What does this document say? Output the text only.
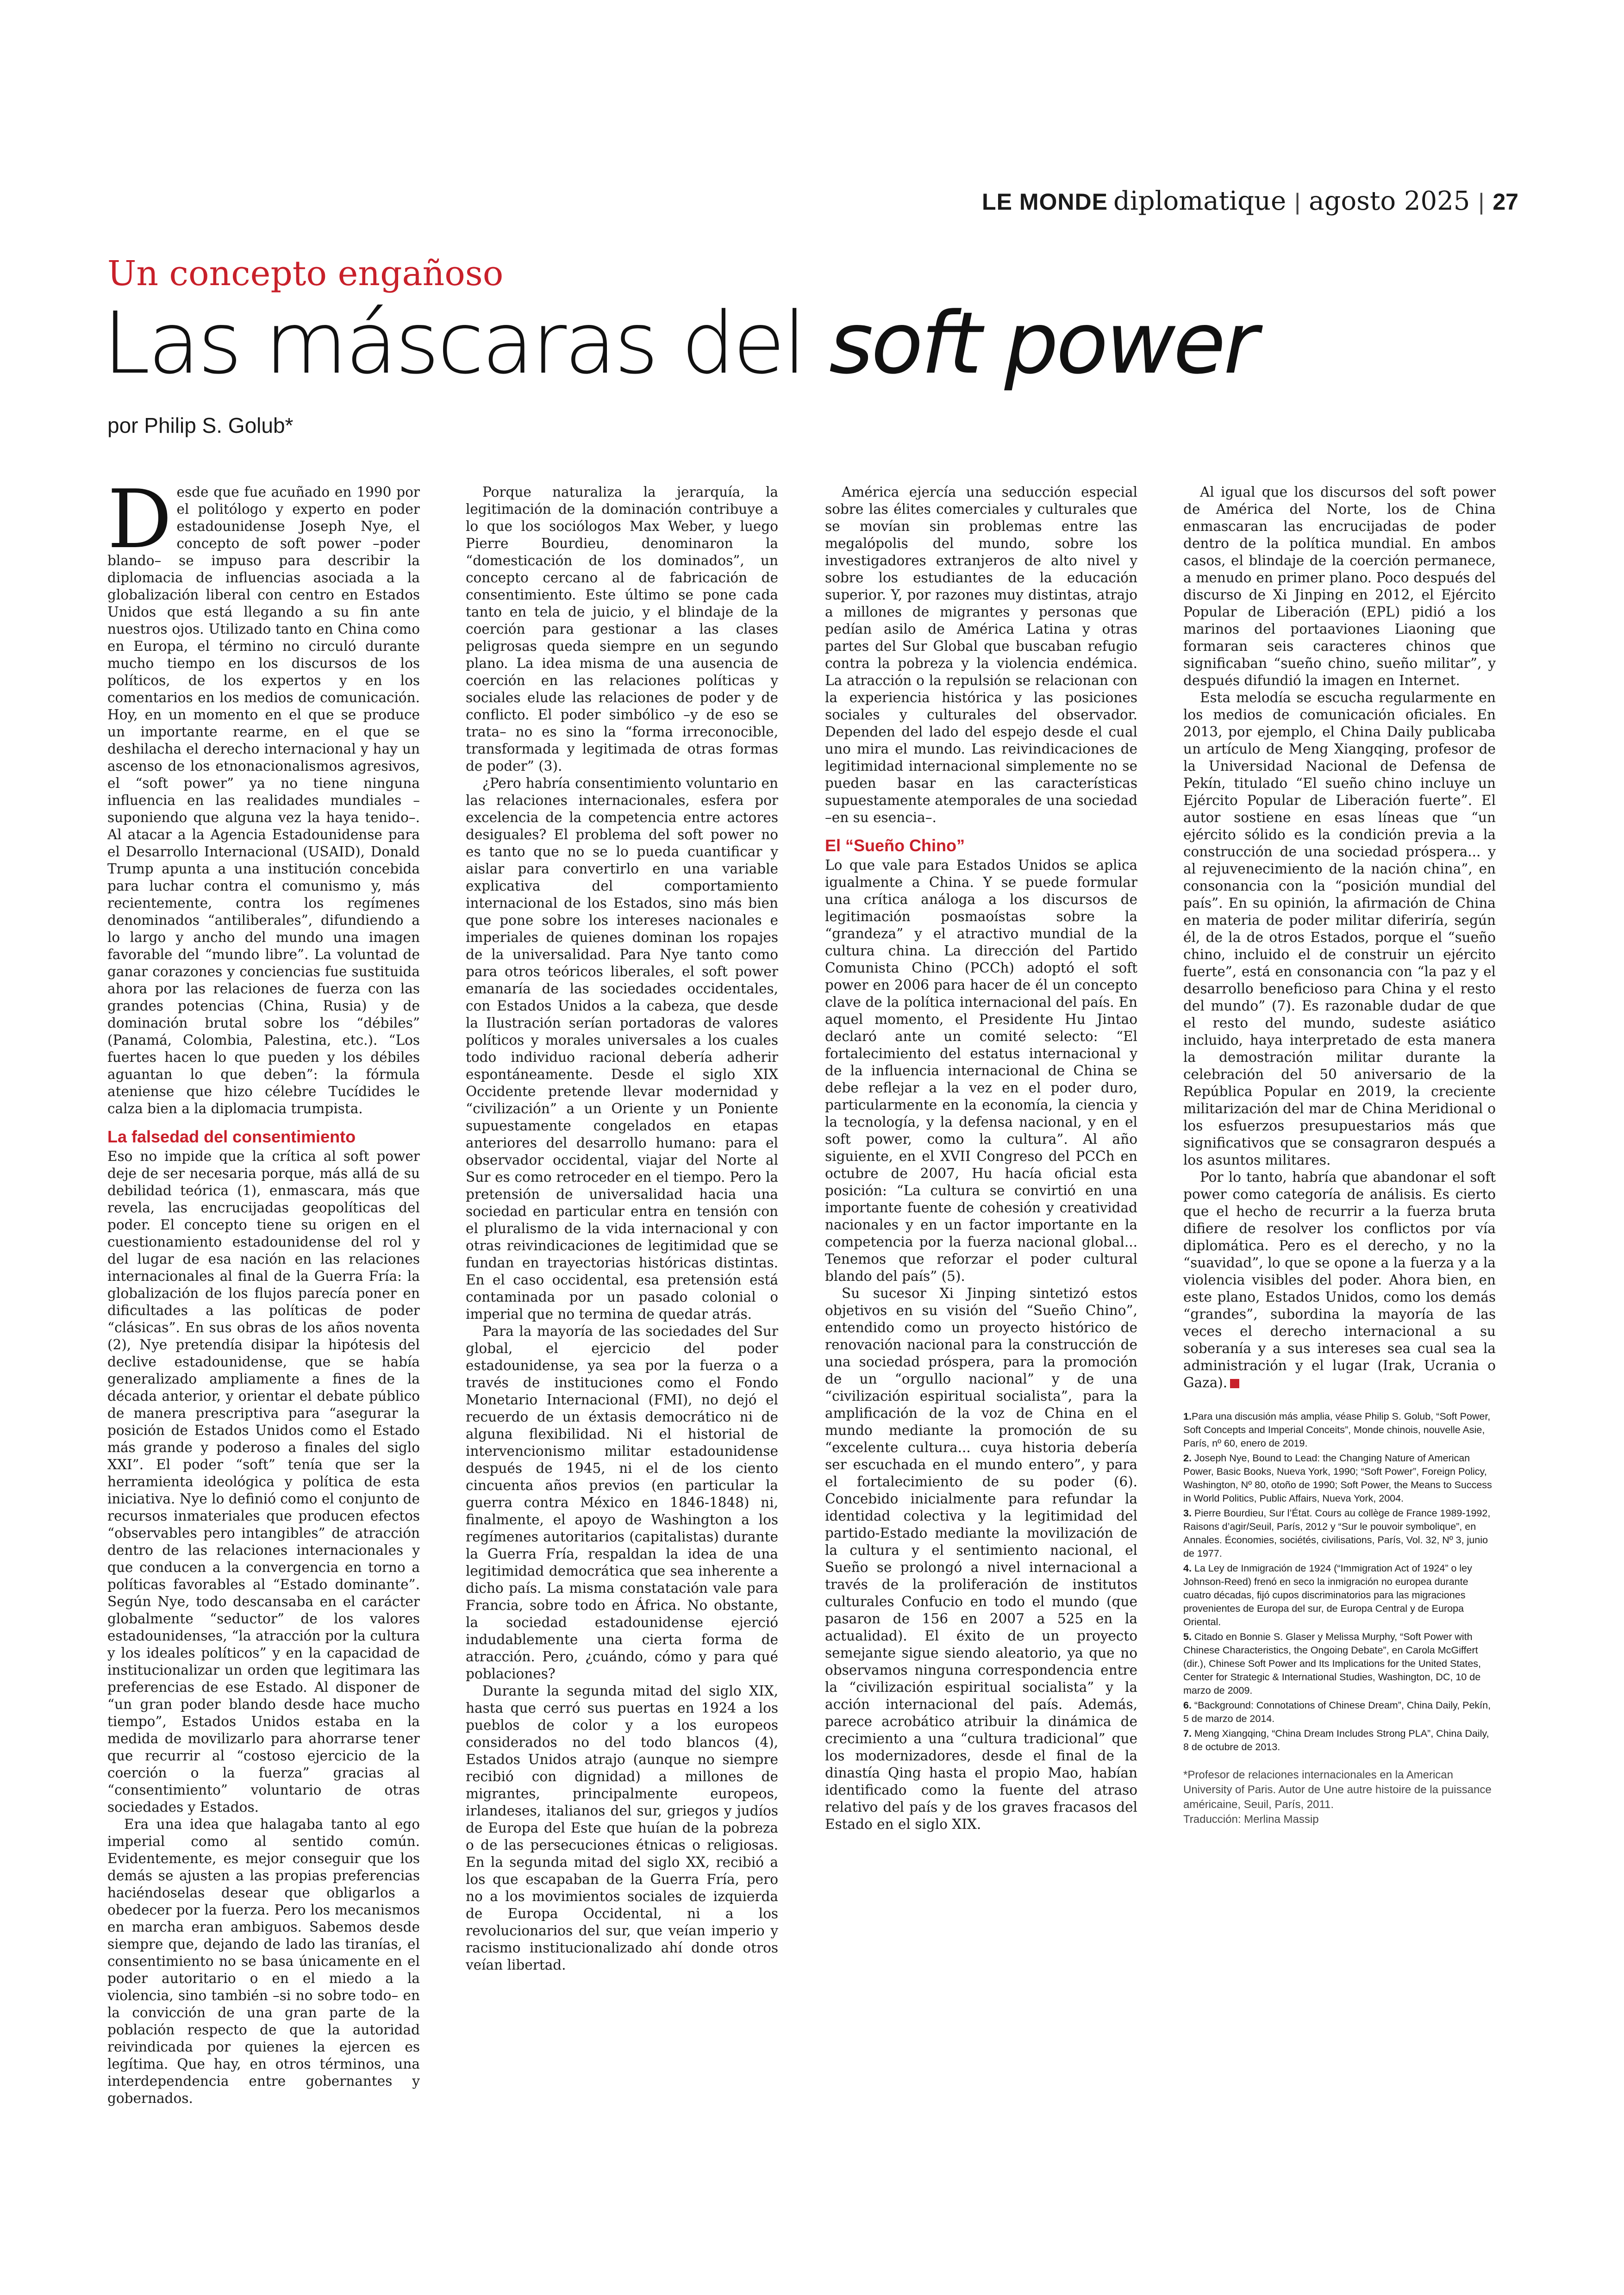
LE MONDE diplomatique | agosto 2025 | 27
Un concepto engañoso
Las máscaras del soft power
por Philip S. Golub*

Desde que fue acuñado en 1990 por el politólogo y experto en poder estadounidense Joseph Nye, el concepto de soft power –poder blando– se impuso para describir la diplomacia de influencias asociada a la globalización liberal con centro en Estados Unidos que está llegando a su fin ante nuestros ojos. Utilizado tanto en China como en Europa, el término no circuló durante mucho tiempo en los discursos de los políticos, de los expertos y en los comentarios en los medios de comunicación. Hoy, en un momento en el que se produce un importante rearme, en el que se deshilacha el derecho internacional y hay un ascenso de los etnonacionalismos agresivos, el “soft power” ya no tiene ninguna influencia en las realidades mundiales –suponiendo que alguna vez la haya tenido–. Al atacar a la Agencia Estadounidense para el Desarrollo Internacional (USAID), Donald Trump apunta a una institución concebida para luchar contra el comunismo y, más recientemente, contra los regímenes denominados “antiliberales”, difundiendo a lo largo y ancho del mundo una imagen favorable del “mundo libre”. La voluntad de ganar corazones y conciencias fue sustituida ahora por las relaciones de fuerza con las grandes potencias (China, Rusia) y de dominación brutal sobre los “débiles” (Panamá, Colombia, Palestina, etc.). “Los fuertes hacen lo que pueden y los débiles aguantan lo que deben”: la fórmula ateniense que hizo célebre Tucídides le calza bien a la diplomacia trumpista.

La falsedad del consentimiento

Eso no impide que la crítica al soft power deje de ser necesaria porque, más allá de su debilidad teórica (1), enmascara, más que revela, las encrucijadas geopolíticas del poder. El concepto tiene su origen en el cuestionamiento estadounidense del rol y del lugar de esa nación en las relaciones internacionales al final de la Guerra Fría: la globalización de los flujos parecía poner en dificultades a las políticas de poder “clásicas”. En sus obras de los años noventa (2), Nye pretendía disipar la hipótesis del declive estadounidense, que se había generalizado ampliamente a fines de la década anterior, y orientar el debate público de manera prescriptiva para “asegurar la posición de Estados Unidos como el Estado más grande y poderoso a finales del siglo XXI”. El poder “soft” tenía que ser la herramienta ideológica y política de esta iniciativa. Nye lo definió como el conjunto de recursos inmateriales que producen efectos “observables pero intangibles” de atracción dentro de las relaciones internacionales y que conducen a la convergencia en torno a políticas favorables al “Estado dominante”. Según Nye, todo descansaba en el carácter globalmente “seductor” de los valores estadounidenses, “la atracción por la cultura y los ideales políticos” y en la capacidad de institucionalizar un orden que legitimara las preferencias de ese Estado. Al disponer de “un gran poder blando desde hace mucho tiempo”, Estados Unidos estaba en la medida de movilizarlo para ahorrarse tener que recurrir al “costoso ejercicio de la coerción o la fuerza” gracias al “consentimiento” voluntario de otras sociedades y Estados.

Era una idea que halagaba tanto al ego imperial como al sentido común. Evidentemente, es mejor conseguir que los demás se ajusten a las propias preferencias haciéndoselas desear que obligarlos a obedecer por la fuerza. Pero los mecanismos en marcha eran ambiguos. Sabemos desde siempre que, dejando de lado las tiranías, el consentimiento no se basa únicamente en el poder autoritario o en el miedo a la violencia, sino también –si no sobre todo– en la convicción de una gran parte de la población respecto de que la autoridad reivindicada por quienes la ejercen es legítima. Que hay, en otros términos, una interdependencia entre gobernantes y gobernados.

Porque naturaliza la jerarquía, la legitimación de la dominación contribuye a lo que los sociólogos Max Weber, y luego Pierre Bourdieu, denominaron la “domesticación de los dominados”, un concepto cercano al de fabricación de consentimiento. Este último se pone cada tanto en tela de juicio, y el blindaje de la coerción para gestionar a las clases peligrosas queda siempre en un segundo plano. La idea misma de una ausencia de coerción en las relaciones políticas y sociales elude las relaciones de poder y de conflicto. El poder simbólico –y de eso se trata– no es sino la “forma irreconocible, transformada y legitimada de otras formas de poder” (3).

¿Pero habría consentimiento voluntario en las relaciones internacionales, esfera por excelencia de la competencia entre actores desiguales? El problema del soft power no es tanto que no se lo pueda cuantificar y aislar para convertirlo en una variable explicativa del comportamiento internacional de los Estados, sino más bien que pone sobre los intereses nacionales e imperiales de quienes dominan los ropajes de la universalidad. Para Nye tanto como para otros teóricos liberales, el soft power emanaría de las sociedades occidentales, con Estados Unidos a la cabeza, que desde la Ilustración serían portadoras de valores políticos y morales universales a los cuales todo individuo racional debería adherir espontáneamente. Desde el siglo XIX Occidente pretende llevar modernidad y “civilización” a un Oriente y un Poniente supuestamente congelados en etapas anteriores del desarrollo humano: para el observador occidental, viajar del Norte al Sur es como retroceder en el tiempo. Pero la pretensión de universalidad hacia una sociedad en particular entra en tensión con el pluralismo de la vida internacional y con otras reivindicaciones de legitimidad que se fundan en trayectorias históricas distintas. En el caso occidental, esa pretensión está contaminada por un pasado colonial o imperial que no termina de quedar atrás.

Para la mayoría de las sociedades del Sur global, el ejercicio del poder estadounidense, ya sea por la fuerza o a través de instituciones como el Fondo Monetario Internacional (FMI), no dejó el recuerdo de un éxtasis democrático ni de alguna flexibilidad. Ni el historial de intervencionismo militar estadounidense después de 1945, ni el de los ciento cincuenta años previos (en particular la guerra contra México en 1846-1848) ni, finalmente, el apoyo de Washington a los regímenes autoritarios (capitalistas) durante la Guerra Fría, respaldan la idea de una legitimidad democrática que sea inherente a dicho país. La misma constatación vale para Francia, sobre todo en África. No obstante, la sociedad estadounidense ejerció indudablemente una cierta forma de atracción. Pero, ¿cuándo, cómo y para qué poblaciones?

Durante la segunda mitad del siglo XIX, hasta que cerró sus puertas en 1924 a los pueblos de color y a los europeos considerados no del todo blancos (4), Estados Unidos atrajo (aunque no siempre recibió con dignidad) a millones de migrantes, principalmente europeos, irlandeses, italianos del sur, griegos y judíos de Europa del Este que huían de la pobreza o de las persecuciones étnicas o religiosas. En la segunda mitad del siglo XX, recibió a los que escapaban de la Guerra Fría, pero no a los movimientos sociales de izquierda de Europa Occidental, ni a los revolucionarios del sur, que veían imperio y racismo institucionalizado ahí donde otros veían libertad.

América ejercía una seducción especial sobre las élites comerciales y culturales que se movían sin problemas entre las megalópolis del mundo, sobre los investigadores extranjeros de alto nivel y sobre los estudiantes de la educación superior. Y, por razones muy distintas, atrajo a millones de migrantes y personas que pedían asilo de América Latina y otras partes del Sur Global que buscaban refugio contra la pobreza y la violencia endémica. La atracción o la repulsión se relacionan con la experiencia histórica y las posiciones sociales y culturales del observador. Dependen del lado del espejo desde el cual uno mira el mundo. Las reivindicaciones de legitimidad internacional simplemente no se pueden basar en las características supuestamente atemporales de una sociedad –en su esencia–.

El “Sueño Chino”

Lo que vale para Estados Unidos se aplica igualmente a China. Y se puede formular una crítica análoga a los discursos de legitimación posmaoístas sobre la “grandeza” y el atractivo mundial de la cultura china. La dirección del Partido Comunista Chino (PCCh) adoptó el soft power en 2006 para hacer de él un concepto clave de la política internacional del país. En aquel momento, el Presidente Hu Jintao declaró ante un comité selecto: “El fortalecimiento del estatus internacional y de la influencia internacional de China se debe reflejar a la vez en el poder duro, particularmente en la economía, la ciencia y la tecnología, y la defensa nacional, y en el soft power, como la cultura”. Al año siguiente, en el XVII Congreso del PCCh en octubre de 2007, Hu hacía oficial esta posición: “La cultura se convirtió en una importante fuente de cohesión y creatividad nacionales y en un factor importante en la competencia por la fuerza nacional global... Tenemos que reforzar el poder cultural blando del país” (5).

Su sucesor Xi Jinping sintetizó estos objetivos en su visión del “Sueño Chino”, entendido como un proyecto histórico de renovación nacional para la construcción de una sociedad próspera, para la promoción de un “orgullo nacional” y de una “civilización espiritual socialista”, para la amplificación de la voz de China en el mundo mediante la promoción de su “excelente cultura... cuya historia debería ser escuchada en el mundo entero”, y para el fortalecimiento de su poder (6). Concebido inicialmente para refundar la identidad colectiva y la legitimidad del partido-Estado mediante la movilización de la cultura y el sentimiento nacional, el Sueño se prolongó a nivel internacional a través de la proliferación de institutos culturales Confucio en todo el mundo (que pasaron de 156 en 2007 a 525 en la actualidad). El éxito de un proyecto semejante sigue siendo aleatorio, ya que no observamos ninguna correspondencia entre la “civilización espiritual socialista” y la acción internacional del país. Además, parece acrobático atribuir la dinámica de crecimiento a una “cultura tradicional” que los modernizadores, desde el final de la dinastía Qing hasta el propio Mao, habían identificado como la fuente del atraso relativo del país y de los graves fracasos del Estado en el siglo XIX.

Al igual que los discursos del soft power de América del Norte, los de China enmascaran las encrucijadas de poder dentro de la política mundial. En ambos casos, el blindaje de la coerción permanece, a menudo en primer plano. Poco después del discurso de Xi Jinping en 2012, el Ejército Popular de Liberación (EPL) pidió a los marinos del portaaviones Liaoning que formaran seis caracteres chinos que significaban “sueño chino, sueño militar”, y después difundió la imagen en Internet.

Esta melodía se escucha regularmente en los medios de comunicación oficiales. En 2013, por ejemplo, el China Daily publicaba un artículo de Meng Xiangqing, profesor de la Universidad Nacional de Defensa de Pekín, titulado “El sueño chino incluye un Ejército Popular de Liberación fuerte”. El autor sostiene en esas líneas que “un ejército sólido es la condición previa a la construcción de una sociedad próspera... y al rejuvenecimiento de la nación china”, en consonancia con la “posición mundial del país”. En su opinión, la afirmación de China en materia de poder militar diferiría, según él, de la de otros Estados, porque el “sueño chino, incluido el de construir un ejército fuerte”, está en consonancia con “la paz y el desarrollo beneficioso para China y el resto del mundo” (7). Es razonable dudar de que el resto del mundo, sudeste asiático incluido, haya interpretado de esta manera la demostración militar durante la celebración del 50 aniversario de la República Popular en 2019, la creciente militarización del mar de China Meridional o los esfuerzos presupuestarios más que significativos que se consagraron después a los asuntos militares.

Por lo tanto, habría que abandonar el soft power como categoría de análisis. Es cierto que el hecho de recurrir a la fuerza bruta difiere de resolver los conflictos por vía diplomática. Pero es el derecho, y no la “suavidad”, lo que se opone a la fuerza y a la violencia visibles del poder. Ahora bien, en este plano, Estados Unidos, como los demás “grandes”, subordina la mayoría de las veces el derecho internacional a su soberanía y a sus intereses sea cual sea la administración y el lugar (Irak, Ucrania o Gaza).

1.Para una discusión más amplia, véase Philip S. Golub, “Soft Power, Soft Concepts and Imperial Conceits”, Monde chinois, nouvelle Asie, París, nº 60, enero de 2019.

2. Joseph Nye, Bound to Lead: the Changing Nature of American Power, Basic Books, Nueva York, 1990; “Soft Power”, Foreign Policy, Washington, Nº 80, otoño de 1990; Soft Power, the Means to Success in World Politics, Public Affairs, Nueva York, 2004.

3. Pierre Bourdieu, Sur l’État. Cours au collège de France 1989-1992, Raisons d’agir/Seuil, París, 2012 y “Sur le pouvoir symbolique”, en Annales. Économies, sociétés, civilisations, París, Vol. 32, Nº 3, junio de 1977.

4. La Ley de Inmigración de 1924 (“Immigration Act of 1924” o ley Johnson-Reed) frenó en seco la inmigración no europea durante cuatro décadas, fijó cupos discriminatorios para las migraciones provenientes de Europa del sur, de Europa Central y de Europa Oriental.

5. Citado en Bonnie S. Glaser y Melissa Murphy, “Soft Power with Chinese Characteristics, the Ongoing Debate”, en Carola McGiffert (dir.), Chinese Soft Power and Its Implications for the United States, Center for Strategic & International Studies, Washington, DC, 10 de marzo de 2009.

6. “Background: Connotations of Chinese Dream”, China Daily, Pekín, 5 de marzo de 2014.

7. Meng Xiangqing, “China Dream Includes Strong PLA”, China Daily, 8 de octubre de 2013.

*Profesor de relaciones internacionales en la American University of Paris. Autor de Une autre histoire de la puissance américaine, Seuil, París, 2011.

Traducción: Merlina Massip
